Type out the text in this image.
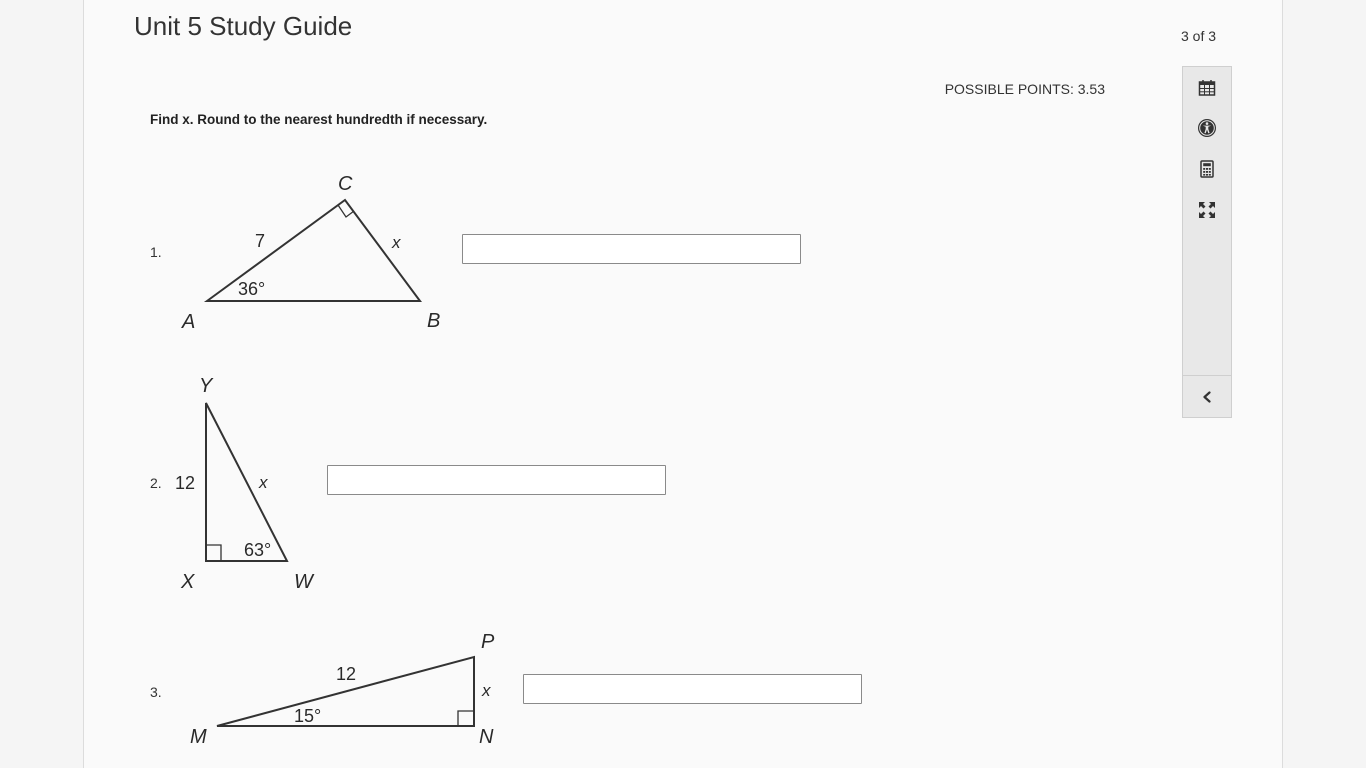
Unit 5 Study Guide	3 of 3
POSSIBLE POINTS: 3.53
Find x. Round to the nearest hundredth if necessary.
1.
C
A	B
7	x
36°
2.
Y
X	W
12	x
63°
3.
P
M	N
12
x
15°
